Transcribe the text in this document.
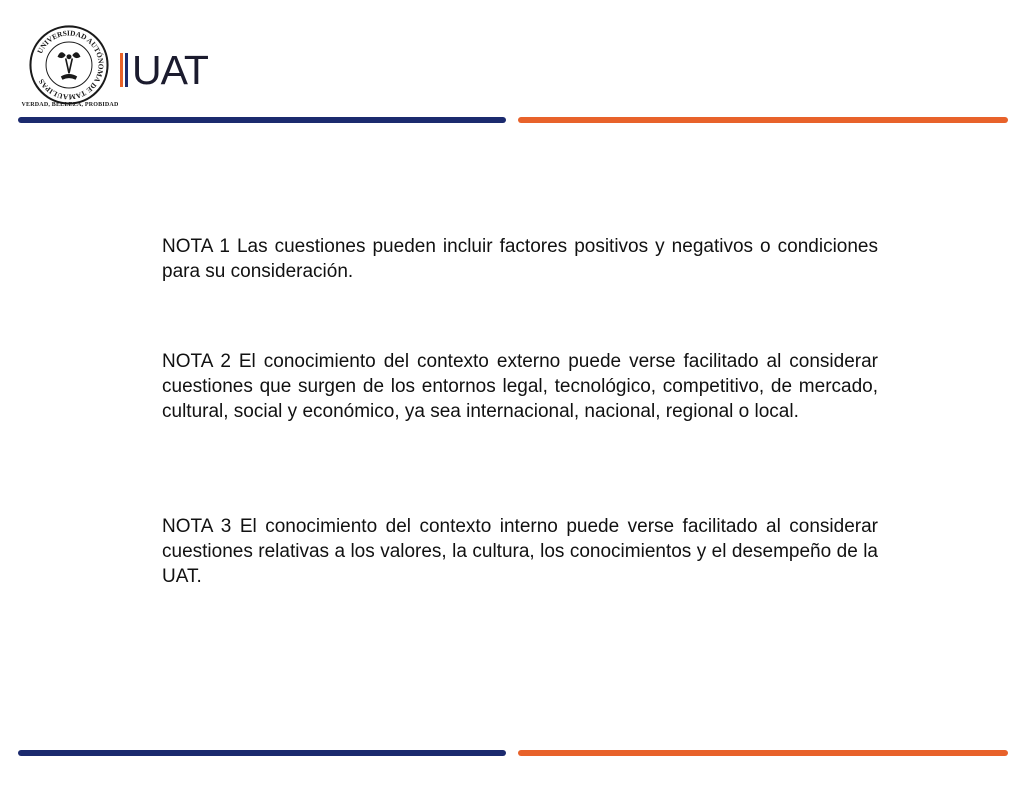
UNIVERSIDAD AUTÓNOMA DE TAMAULIPAS
VERDAD, BELLEZA, PROBIDAD
UAT

NOTA 1 Las cuestiones pueden incluir factores positivos y negativos o condiciones para su consideración.

NOTA 2 El conocimiento del contexto externo puede verse facilitado al considerar cuestiones que surgen de los entornos legal, tecnológico, competitivo, de mercado, cultural, social y económico, ya sea internacional, nacional, regional o local.

NOTA 3 El conocimiento del contexto interno puede verse facilitado al considerar cuestiones relativas a los valores, la cultura, los conocimientos y el desempeño de la UAT.
